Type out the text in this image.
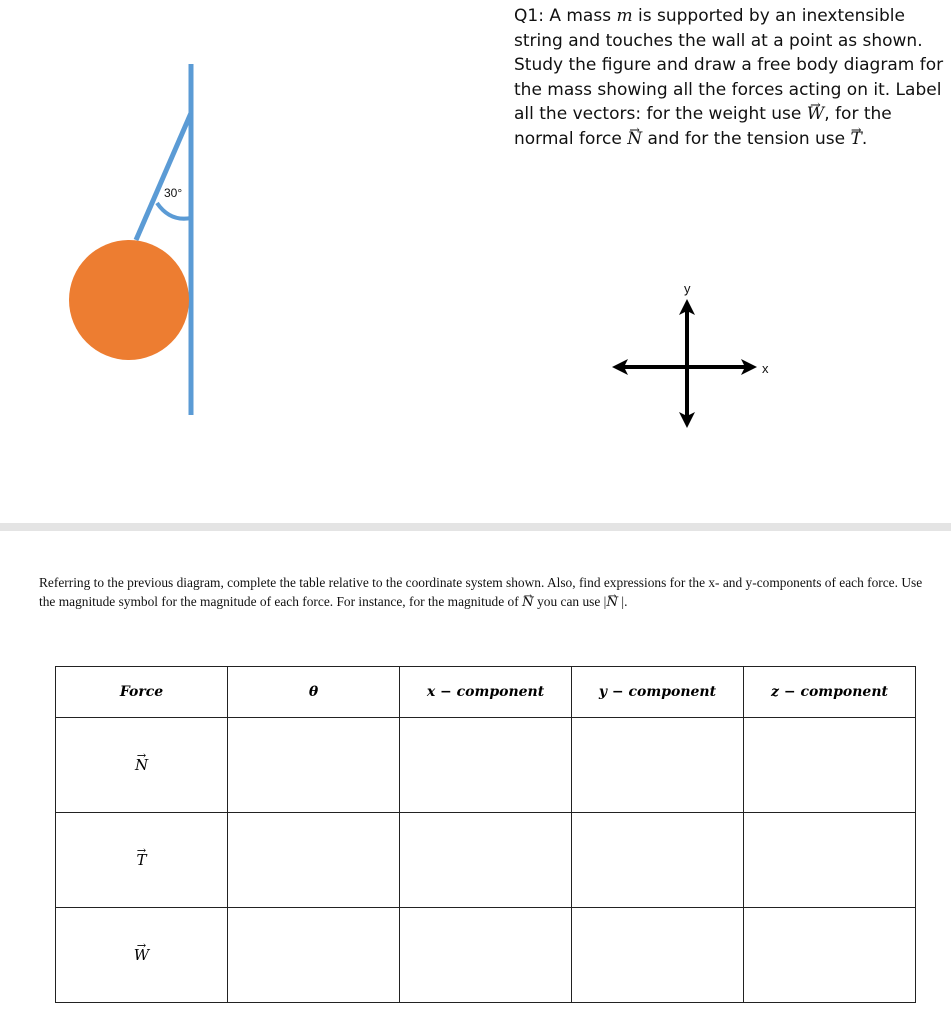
30°
Q1: A mass m is supported by an inextensible string and touches the wall at a point as shown. Study the figure and draw a free body diagram for the mass showing all the forces acting on it. Label all the vectors: for the weight use → W, for the normal force → N and for the tension use → T.
x
y
Referring to the previous diagram, complete the table relative to the coordinate system shown. Also, find expressions for the x- and y-components of each force. Use the magnitude symbol for the magnitude of each force. For instance, for the magnitude of → N you can use |→ N |.
Force	θ	x − component	y − component	z − component
→ N				
→ T				
→ W				
